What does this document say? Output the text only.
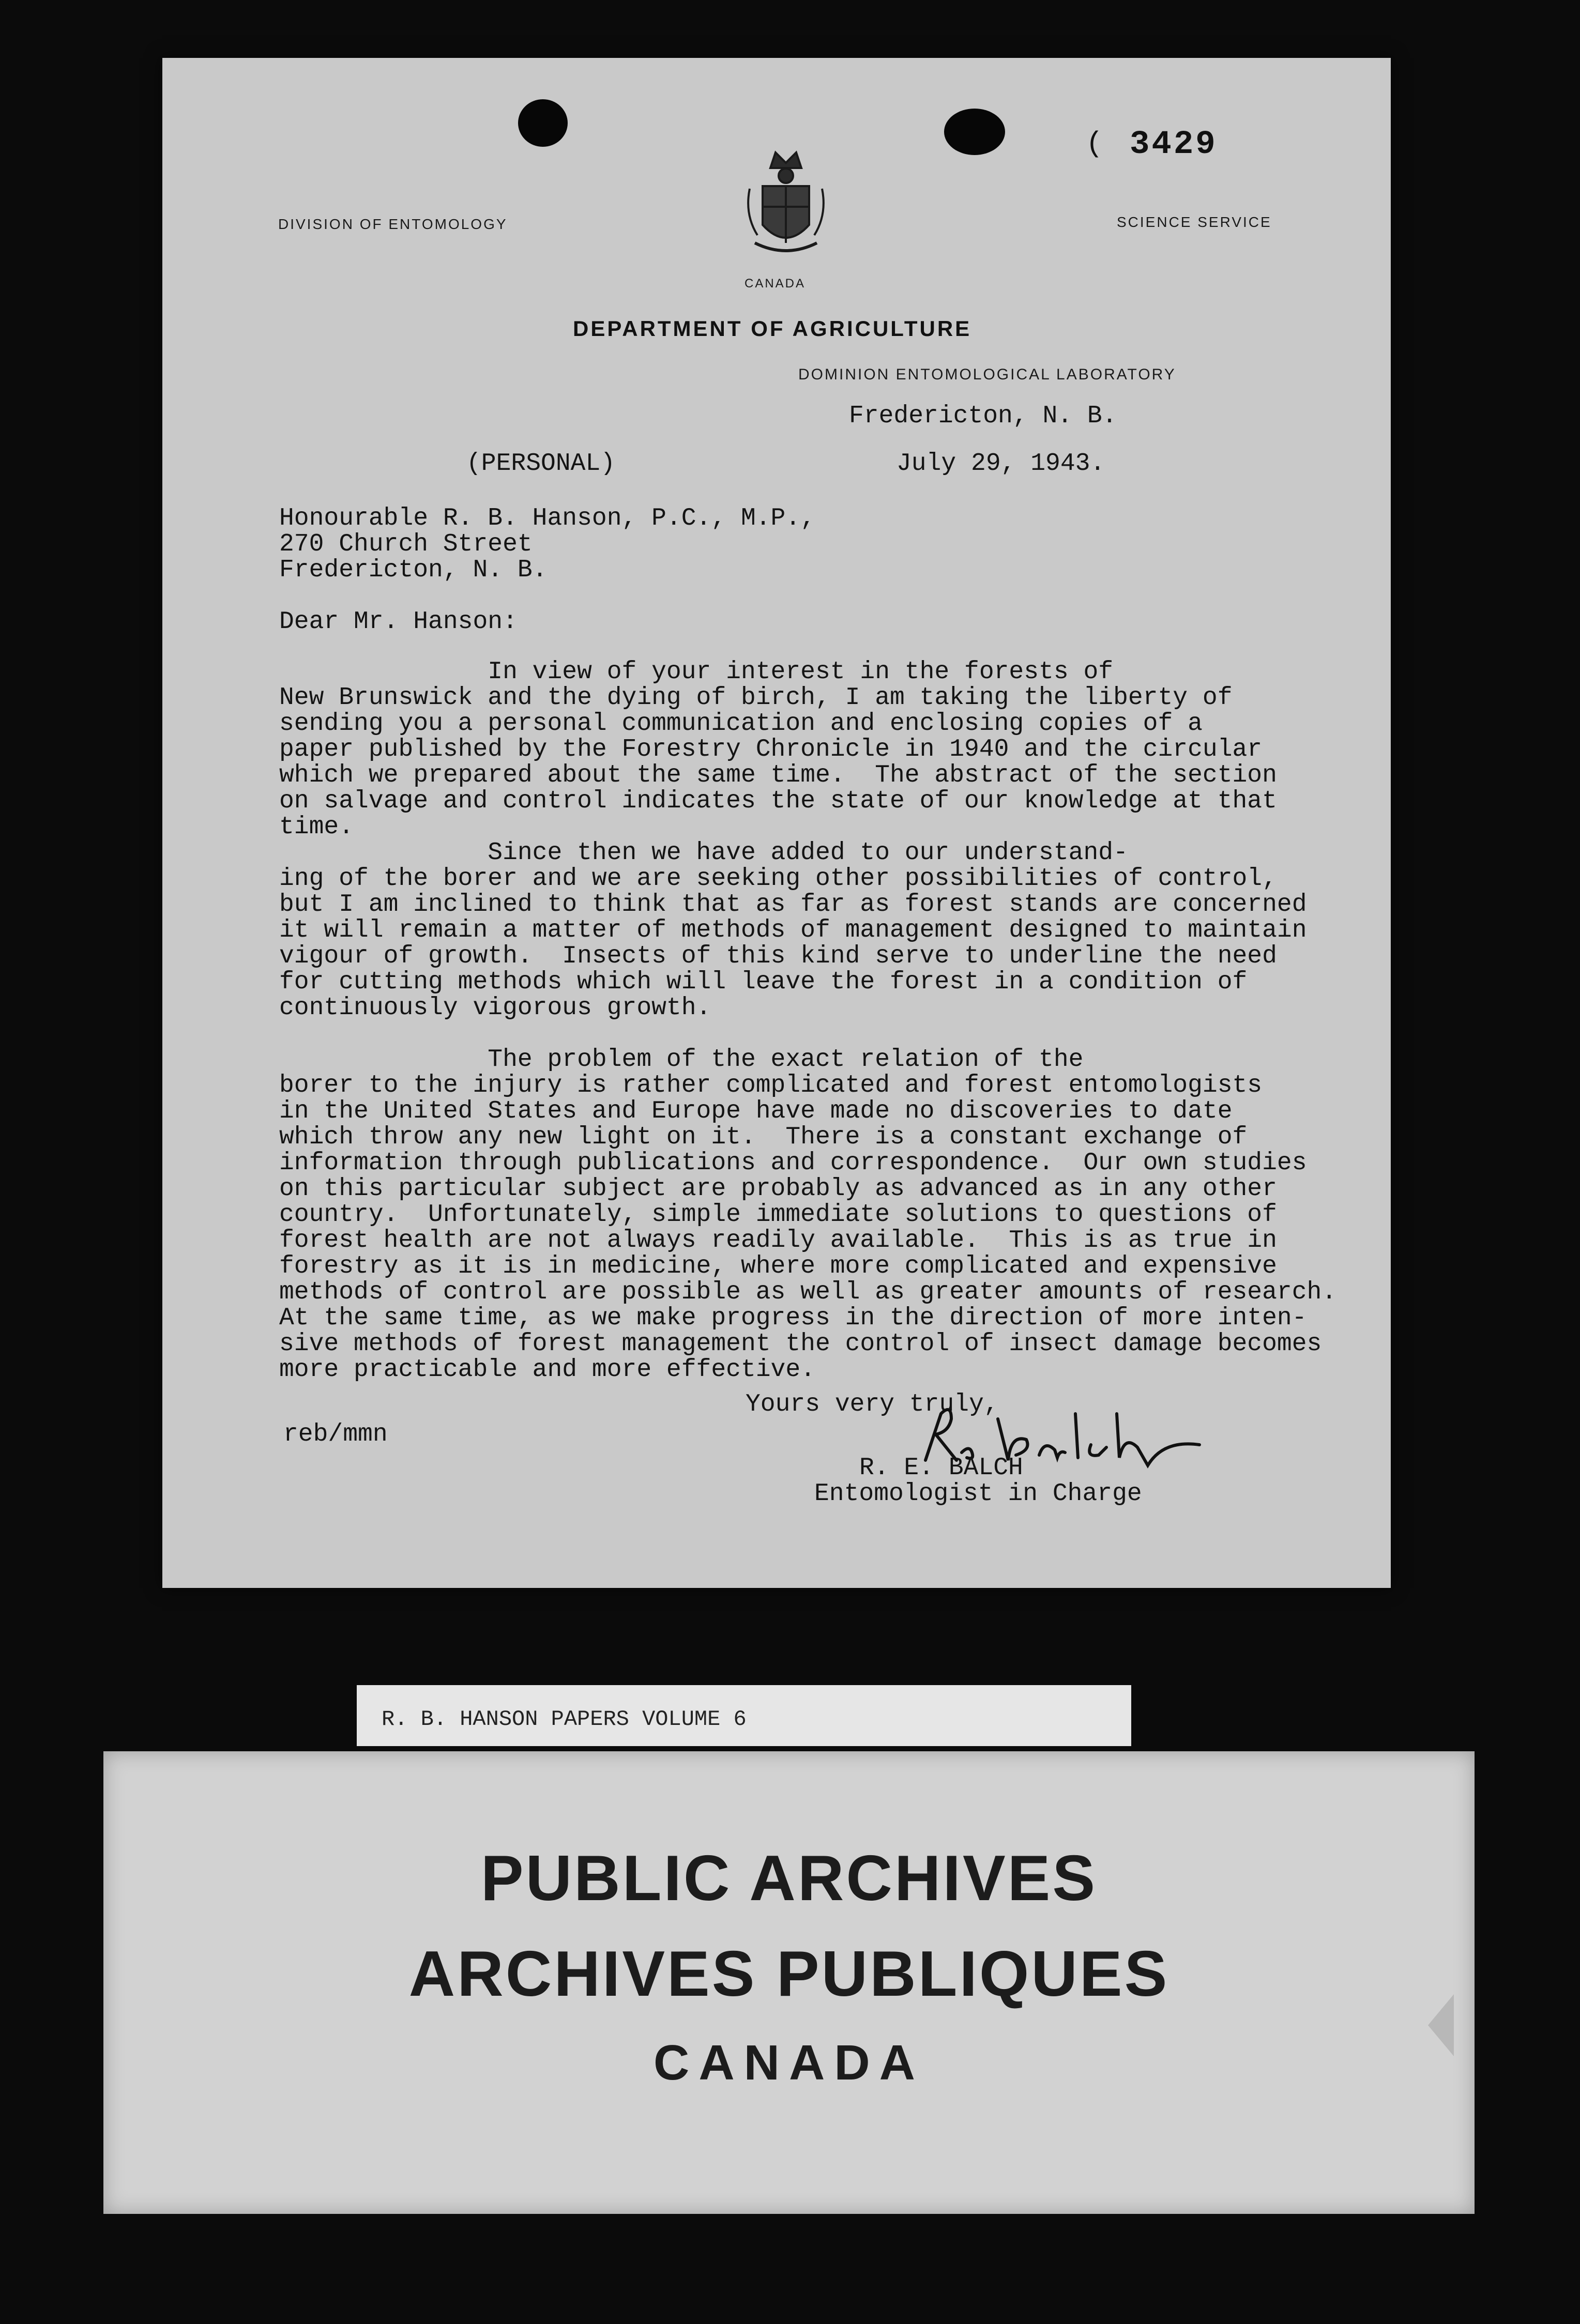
( 3429
DIVISION OF ENTOMOLOGY	SCIENCE SERVICE
CANADA
DEPARTMENT OF AGRICULTURE
DOMINION ENTOMOLOGICAL LABORATORY
Fredericton, N. B.
(PERSONAL)	July 29, 1943.
Honourable R. B. Hanson, P.C., M.P.,
270 Church Street
Fredericton, N. B.
Dear Mr. Hanson:
In view of your interest in the forests of
New Brunswick and the dying of birch, I am taking the liberty of
sending you a personal communication and enclosing copies of a
paper published by the Forestry Chronicle in 1940 and the circular
which we prepared about the same time.  The abstract of the section
on salvage and control indicates the state of our knowledge at that
time.
Since then we have added to our understand-
ing of the borer and we are seeking other possibilities of control,
but I am inclined to think that as far as forest stands are concerned
it will remain a matter of methods of management designed to maintain
vigour of growth.  Insects of this kind serve to underline the need
for cutting methods which will leave the forest in a condition of
continuously vigorous growth.
The problem of the exact relation of the
borer to the injury is rather complicated and forest entomologists
in the United States and Europe have made no discoveries to date
which throw any new light on it.  There is a constant exchange of
information through publications and correspondence.  Our own studies
on this particular subject are probably as advanced as in any other
country.  Unfortunately, simple immediate solutions to questions of
forest health are not always readily available.  This is as true in
forestry as it is in medicine, where more complicated and expensive
methods of control are possible as well as greater amounts of research.
At the same time, as we make progress in the direction of more inten-
sive methods of forest management the control of insect damage becomes
more practicable and more effective.
Yours very truly,
reb/mmn
R. E. BALCH
Entomologist in Charge
R. B. HANSON PAPERS VOLUME 6
PUBLIC ARCHIVES
ARCHIVES PUBLIQUES
CANADA
